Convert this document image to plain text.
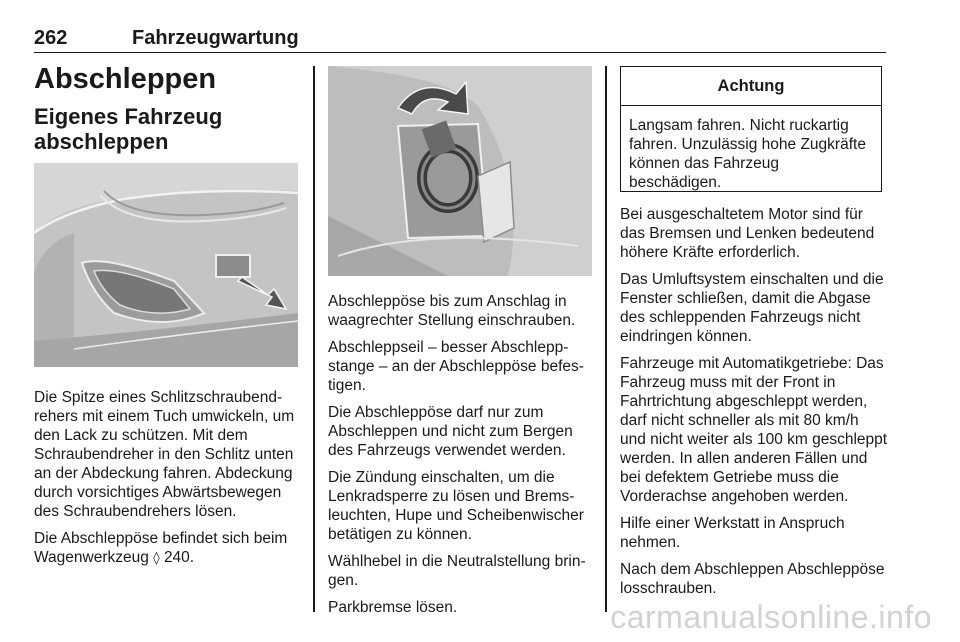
262	Fahrzeugwartung
Abschleppen
Eigenes Fahrzeug abschleppen

Die Spitze eines Schlitzschraubendrehers mit einem Tuch umwickeln, um den Lack zu schützen. Mit dem Schraubendreher in den Schlitz unten an der Abdeckung fahren. Abdeckung durch vorsichtiges Abwärtsbewegen des Schraubendrehers lösen.

Die Abschleppöse befindet sich beim Wagenwerkzeug ◊ 240.

Abschleppöse bis zum Anschlag in waagrechter Stellung einschrauben.

Abschleppseil – besser Abschleppstange – an der Abschleppöse befestigen.

Die Abschleppöse darf nur zum Abschleppen und nicht zum Bergen des Fahrzeugs verwendet werden.

Die Zündung einschalten, um die Lenkradsperre zu lösen und Bremsleuchten, Hupe und Scheibenwischer betätigen zu können.

Wählhebel in die Neutralstellung bringen.

Parkbremse lösen.

Achtung
Langsam fahren. Nicht ruckartig fahren. Unzulässig hohe Zugkräfte können das Fahrzeug beschädigen.

Bei ausgeschaltetem Motor sind für das Bremsen und Lenken bedeutend höhere Kräfte erforderlich.

Das Umluftsystem einschalten und die Fenster schließen, damit die Abgase des schleppenden Fahrzeugs nicht eindringen können.

Fahrzeuge mit Automatikgetriebe: Das Fahrzeug muss mit der Front in Fahrtrichtung abgeschleppt werden, darf nicht schneller als mit 80 km/h und nicht weiter als 100 km geschleppt werden. In allen anderen Fällen und bei defektem Getriebe muss die Vorderachse angehoben werden.

Hilfe einer Werkstatt in Anspruch nehmen.

Nach dem Abschleppen Abschleppöse losschrauben.

carmanualsonline.info
